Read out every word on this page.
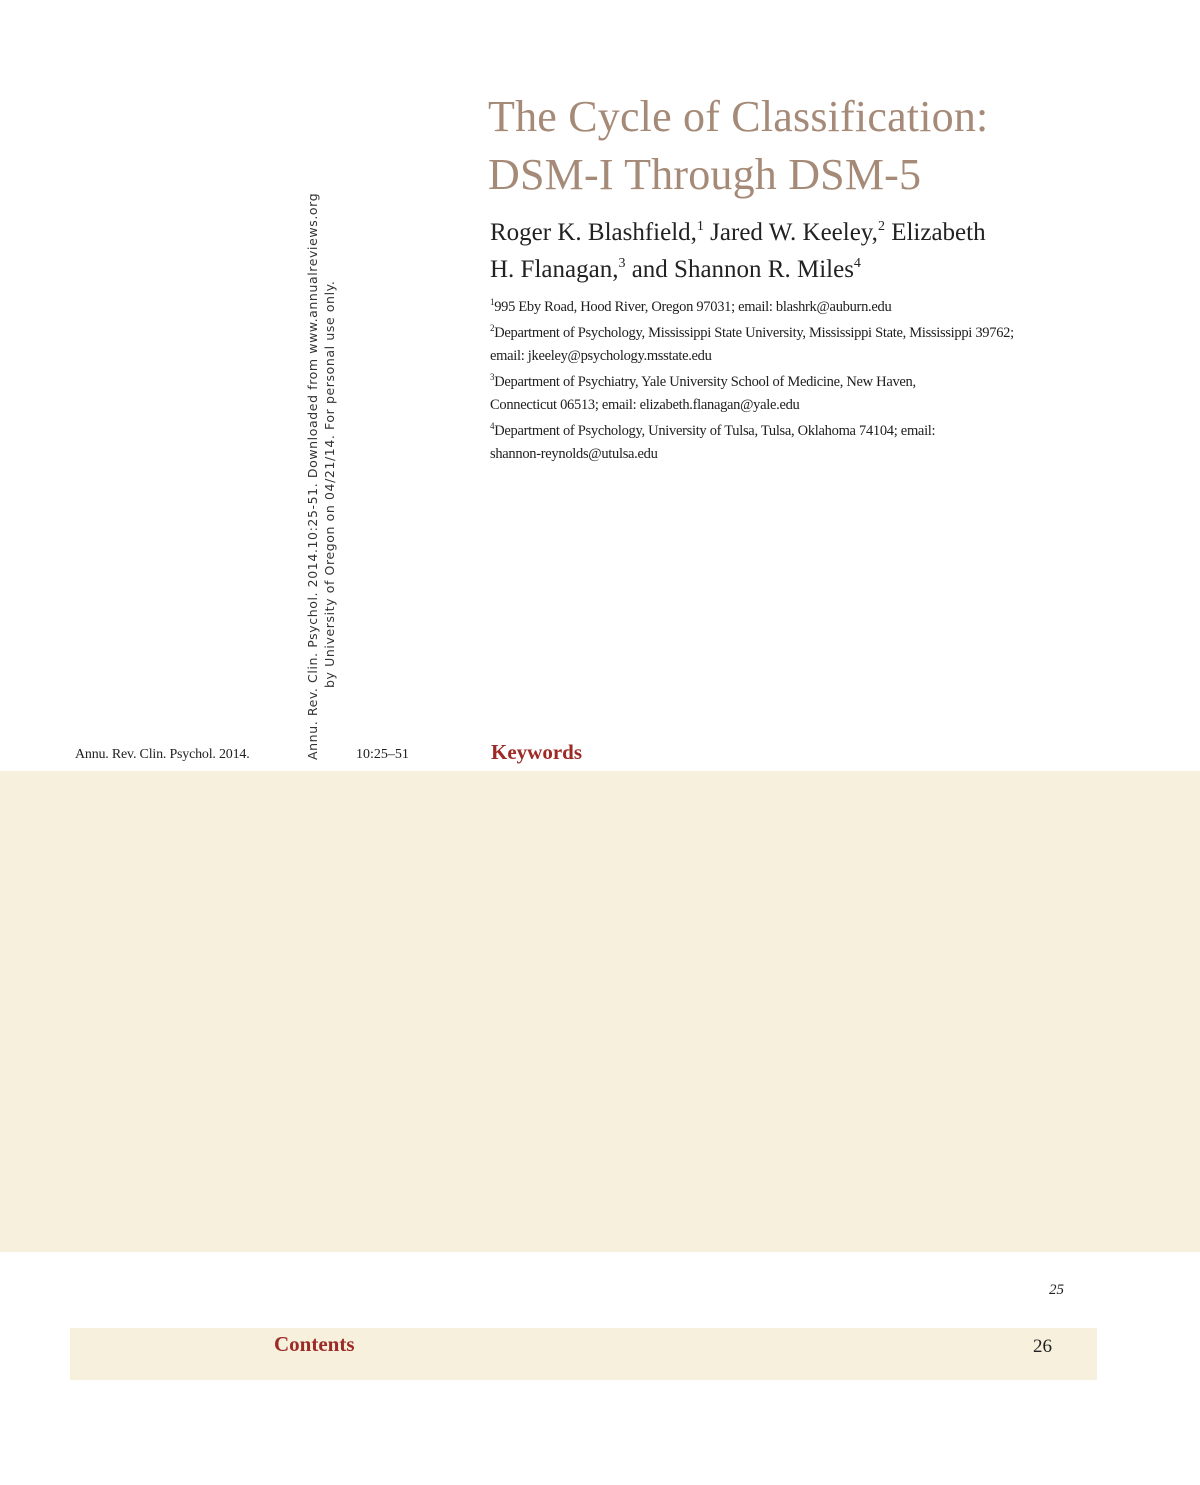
The Cycle of Classification:
DSM-I Through DSM-5

Roger K. Blashfield,$^1$ Jared W. Keeley,$^2$ Elizabeth
H. Flanagan,$^3$ and Shannon R. Miles$^4$

$^1$995 Eby Road, Hood River, Oregon 97031; email: blashrk@auburn.edu

$^2$Department of Psychology, Mississippi State University, Mississippi State, Mississippi 39762;
email: jkeeley@psychology.msstate.edu

$^3$Department of Psychiatry, Yale University School of Medicine, New Haven,
Connecticut 06513; email: elizabeth.flanagan@yale.edu

$^4$Department of Psychology, University of Tulsa, Tulsa, Oklahoma 74104; email:
shannon-reynolds@utulsa.edu

Annu. Rev. Clin. Psychol. 2014.10:25-51. Downloaded from www.annualreviews.org by University of Oregon on 04/21/14. For personal use only.
Annu. Rev. Clin. Psychol. 2014.	10:25–51	Keywords
25
Contents	26
